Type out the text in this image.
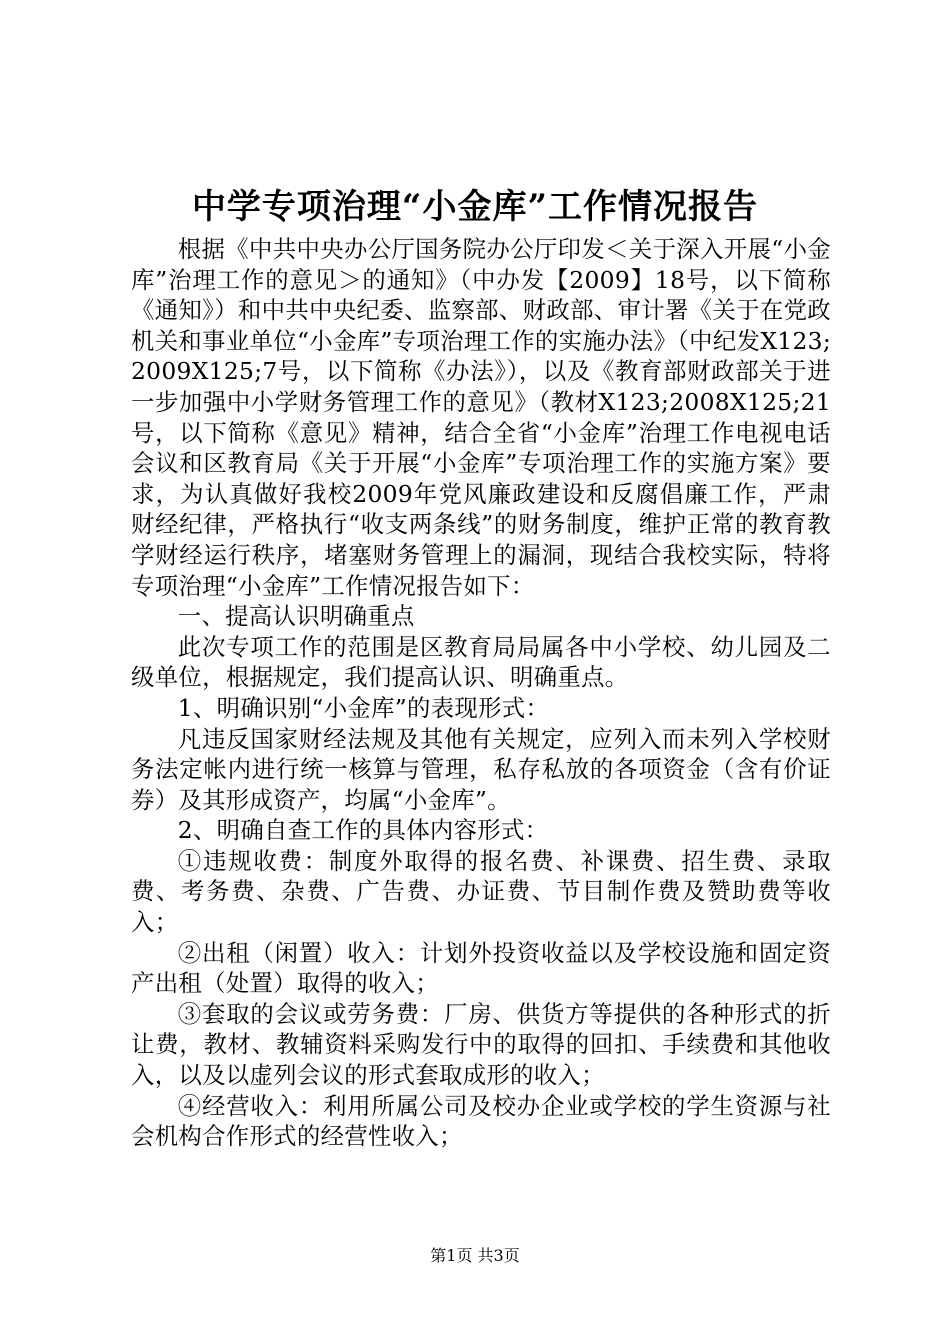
中学专项治理“小金库”工作情况报告

根据《中共中央办公厅国务院办公厅印发＜关于深入开展“小金库”治理工作的意见＞的通知》（中办发【2009】18号，以下简称《通知》）和中共中央纪委、监察部、财政部、审计署《关于在党政机关和事业单位“小金库”专项治理工作的实施办法》（中纪发X123;2009X125;7号，以下简称《办法》），以及《教育部财政部关于进一步加强中小学财务管理工作的意见》（教材X123;2008X125;21号，以下简称《意见》精神，结合全省“小金库”治理工作电视电话会议和区教育局《关于开展“小金库”专项治理工作的实施方案》要求，为认真做好我校2009年党风廉政建设和反腐倡廉工作，严肃财经纪律，严格执行“收支两条线”的财务制度，维护正常的教育教学财经运行秩序，堵塞财务管理上的漏洞，现结合我校实际，特将专项治理“小金库”工作情况报告如下：

一、提高认识明确重点

此次专项工作的范围是区教育局局属各中小学校、幼儿园及二级单位，根据规定，我们提高认识、明确重点。

1、明确识别“小金库”的表现形式：

凡违反国家财经法规及其他有关规定，应列入而未列入学校财务法定帐内进行统一核算与管理，私存私放的各项资金（含有价证券）及其形成资产，均属“小金库”。

2、明确自查工作的具体内容形式：

①违规收费：制度外取得的报名费、补课费、招生费、录取费、考务费、杂费、广告费、办证费、节目制作费及赞助费等收入；

②出租（闲置）收入：计划外投资收益以及学校设施和固定资产出租（处置）取得的收入；

③套取的会议或劳务费：厂房、供货方等提供的各种形式的折让费，教材、教辅资料采购发行中的取得的回扣、手续费和其他收入，以及以虚列会议的形式套取成形的收入；

④经营收入：利用所属公司及校办企业或学校的学生资源与社会机构合作形式的经营性收入；

第1页 共3页
